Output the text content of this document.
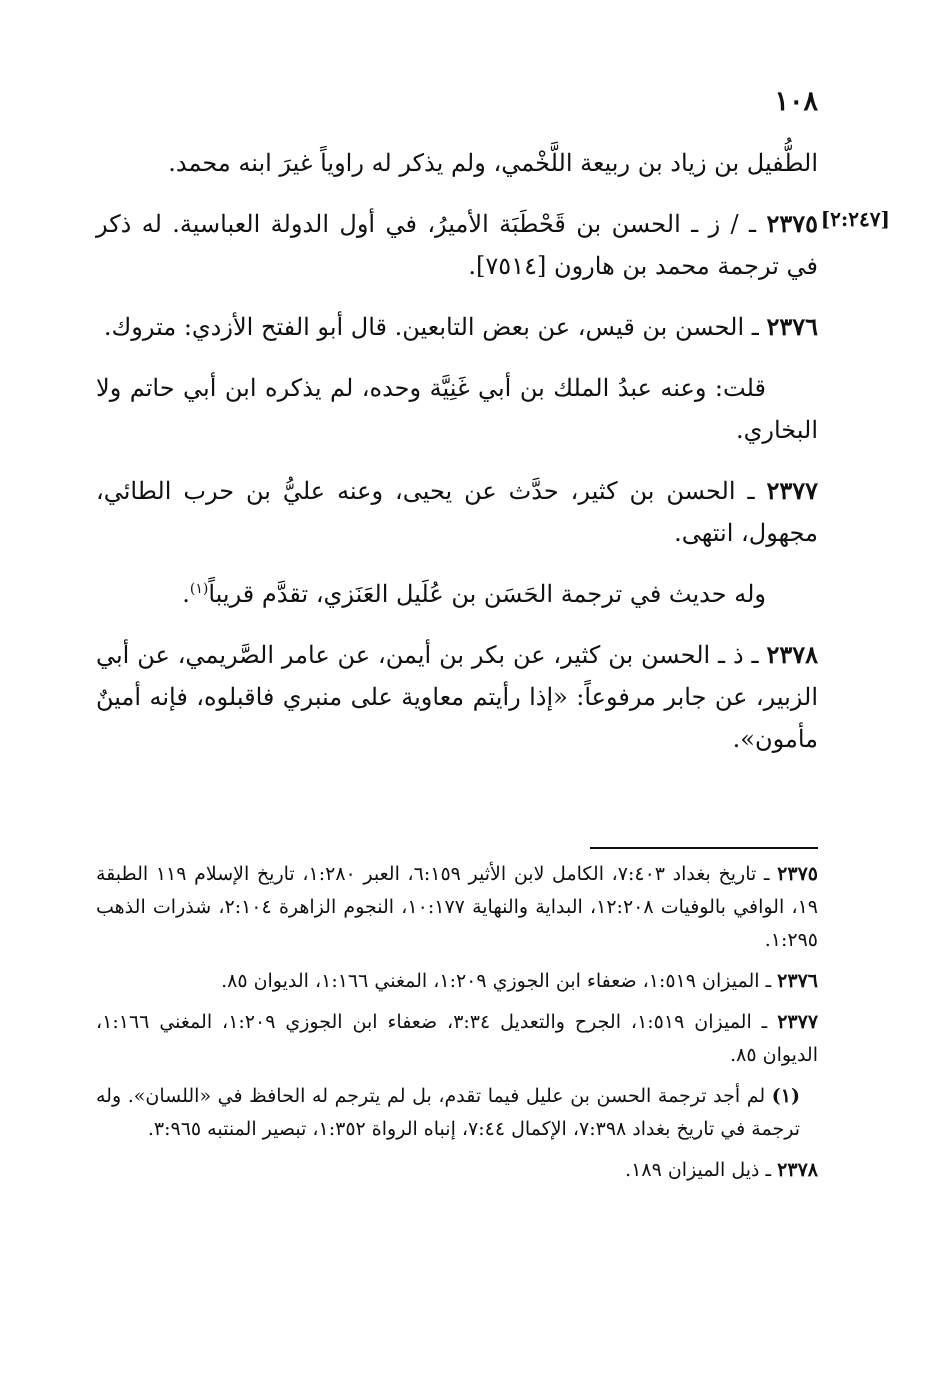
١٠٨
[٢:٢٤٧]

الطُّفيل بن زياد بن ربيعة اللَّخْمي، ولم يذكر له راوياً غيرَ ابنه محمد.

٢٣٧٥ ـ / ز ـ الحسن بن قَحْطَبَة الأميرُ، في أول الدولة العباسية. له ذكر في ترجمة محمد بن هارون [٧٥١٤].

٢٣٧٦ ـ الحسن بن قيس، عن بعض التابعين. قال أبو الفتح الأزدي: متروك.

قلت: وعنه عبدُ الملك بن أبي غَنِيَّة وحده، لم يذكره ابن أبي حاتم ولا البخاري.

٢٣٧٧ ـ الحسن بن كثير، حدَّث عن يحيى، وعنه عليُّ بن حرب الطائي، مجهول، انتهى.

وله حديث في ترجمة الحَسَن بن عُلَيل العَنَزي، تقدَّم قريباً$^{(١)}$.

٢٣٧٨ ـ ذ ـ الحسن بن كثير، عن بكر بن أيمن، عن عامر الصَّريمي، عن أبي الزبير، عن جابر مرفوعاً: «إذا رأيتم معاوية على منبري فاقبلوه، فإنه أمينٌ مأمون».

٢٣٧٥ ـ تاريخ بغداد ٧:٤٠٣، الكامل لابن الأثير ٦:١٥٩، العبر ١:٢٨٠، تاريخ الإسلام ١١٩ الطبقة ١٩، الوافي بالوفيات ١٢:٢٠٨، البداية والنهاية ١٠:١٧٧، النجوم الزاهرة ٢:١٠٤، شذرات الذهب ١:٢٩٥.

٢٣٧٦ ـ الميزان ١:٥١٩، ضعفاء ابن الجوزي ١:٢٠٩، المغني ١:١٦٦، الديوان ٨٥.

٢٣٧٧ ـ الميزان ١:٥١٩، الجرح والتعديل ٣:٣٤، ضعفاء ابن الجوزي ١:٢٠٩، المغني ١:١٦٦، الديوان ٨٥.

(١) لم أجد ترجمة الحسن بن عليل فيما تقدم، بل لم يترجم له الحافظ في «اللسان». وله ترجمة في تاريخ بغداد ٧:٣٩٨، الإكمال ٧:٤٤، إنباه الرواة ١:٣٥٢، تبصير المنتبه ٣:٩٦٥.

٢٣٧٨ ـ ذيل الميزان ١٨٩.
